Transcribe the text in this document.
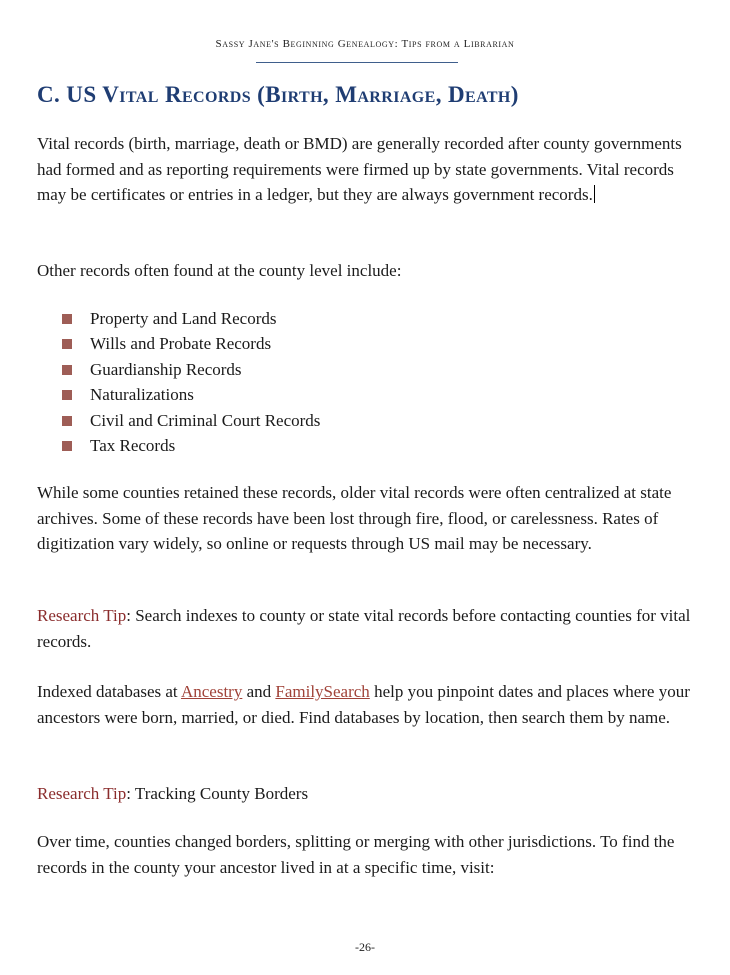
Sassy Jane's Beginning Genealogy: Tips from a Librarian
C. US Vital Records (Birth, Marriage, Death)

Vital records (birth, marriage, death or BMD) are generally recorded after county governments had formed and as reporting requirements were firmed up by state governments. Vital records may be certificates or entries in a ledger, but they are always government records.

Other records often found at the county level include:

Property and Land Records
Wills and Probate Records
Guardianship Records
Naturalizations
Civil and Criminal Court Records
Tax Records

While some counties retained these records, older vital records were often centralized at state archives. Some of these records have been lost through fire, flood, or carelessness. Rates of digitization vary widely, so online or requests through US mail may be necessary.

Research Tip: Search indexes to county or state vital records before contacting counties for vital records.

Indexed databases at Ancestry and FamilySearch help you pinpoint dates and places where your ancestors were born, married, or died. Find databases by location, then search them by name.

Research Tip: Tracking County Borders

Over time, counties changed borders, splitting or merging with other jurisdictions. To find the records in the county your ancestor lived in at a specific time, visit:

-26-
